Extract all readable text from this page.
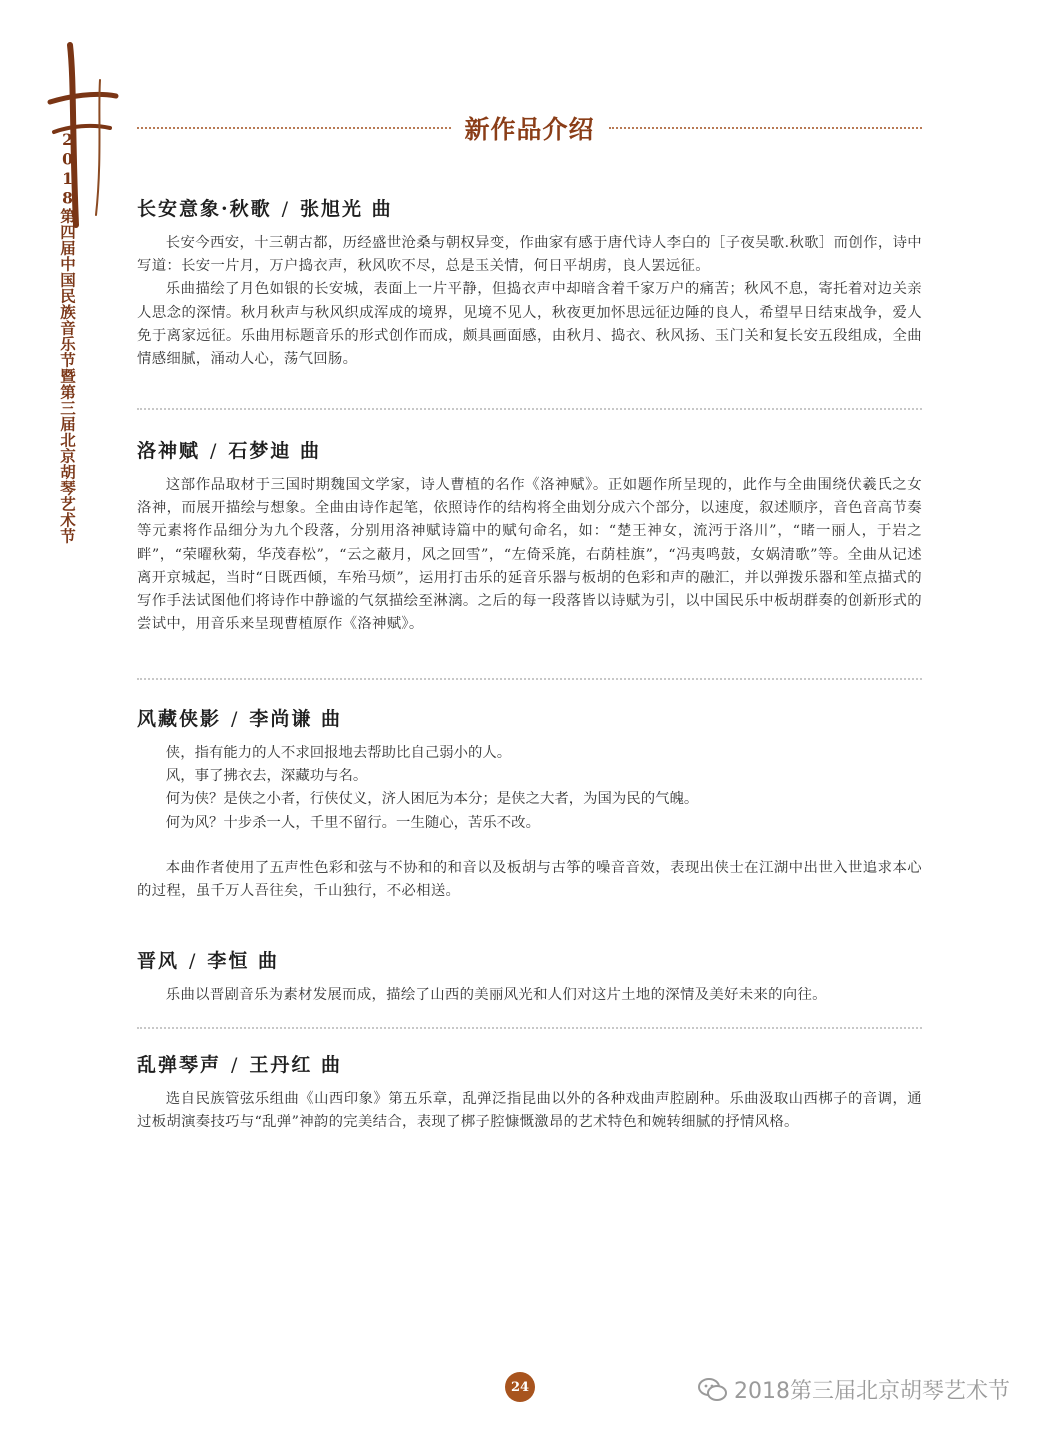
2018第四届中国民族音乐节暨第三届北京胡琴艺术节
新作品介绍
长安意象·秋歌 / 张旭光 曲

长安今西安，十三朝古都，历经盛世沧桑与朝权异变，作曲家有感于唐代诗人李白的［子夜吴歌.秋歌］而创作，诗中写道：长安一片月，万户捣衣声，秋风吹不尽，总是玉关情，何日平胡虏，良人罢远征。

乐曲描绘了月色如银的长安城，表面上一片平静，但捣衣声中却暗含着千家万户的痛苦；秋风不息，寄托着对边关亲人思念的深情。秋月秋声与秋风织成浑成的境界，见境不见人，秋夜更加怀思远征边陲的良人，希望早日结束战争，爱人免于离家远征。乐曲用标题音乐的形式创作而成，颇具画面感，由秋月、捣衣、秋风扬、玉门关和复长安五段组成，全曲情感细腻，涌动人心，荡气回肠。

洛神赋 / 石梦迪 曲

这部作品取材于三国时期魏国文学家，诗人曹植的名作《洛神赋》。正如题作所呈现的，此作与全曲围绕伏羲氏之女洛神，而展开描绘与想象。全曲由诗作起笔，依照诗作的结构将全曲划分成六个部分，以速度，叙述顺序，音色音高节奏等元素将作品细分为九个段落，分别用洛神赋诗篇中的赋句命名，如：“楚王神女，流沔于洛川”，“睹一丽人，于岩之畔”，“荣曜秋菊，华茂春松”，“云之蔽月，风之回雪”，“左倚采旄，右荫桂旗”，“冯夷鸣鼓，女娲清歌”等。全曲从记述离开京城起，当时“日既西倾，车殆马烦”，运用打击乐的延音乐器与板胡的色彩和声的融汇，并以弹拨乐器和笙点描式的写作手法试图他们将诗作中静谧的气氛描绘至淋漓。之后的每一段落皆以诗赋为引，以中国民乐中板胡群奏的创新形式的尝试中，用音乐来呈现曹植原作《洛神赋》。

风藏侠影 / 李尚谦 曲
侠，指有能力的人不求回报地去帮助比自己弱小的人。
风，事了拂衣去，深藏功与名。
何为侠？是侠之小者，行侠仗义，济人困厄为本分；是侠之大者，为国为民的气魄。
何为风？十步杀一人，千里不留行。一生随心，苦乐不改。

本曲作者使用了五声性色彩和弦与不协和的和音以及板胡与古筝的噪音音效，表现出侠士在江湖中出世入世追求本心的过程，虽千万人吾往矣，千山独行，不必相送。

晋风 / 李恒 曲

乐曲以晋剧音乐为素材发展而成，描绘了山西的美丽风光和人们对这片土地的深情及美好未来的向往。

乱弹琴声 / 王丹红 曲

选自民族管弦乐组曲《山西印象》第五乐章，乱弹泛指昆曲以外的各种戏曲声腔剧种。乐曲汲取山西梆子的音调，通过板胡演奏技巧与“乱弹”神韵的完美结合，表现了梆子腔慷慨激昂的艺术特色和婉转细腻的抒情风格。

24	2018第三届北京胡琴艺术节
